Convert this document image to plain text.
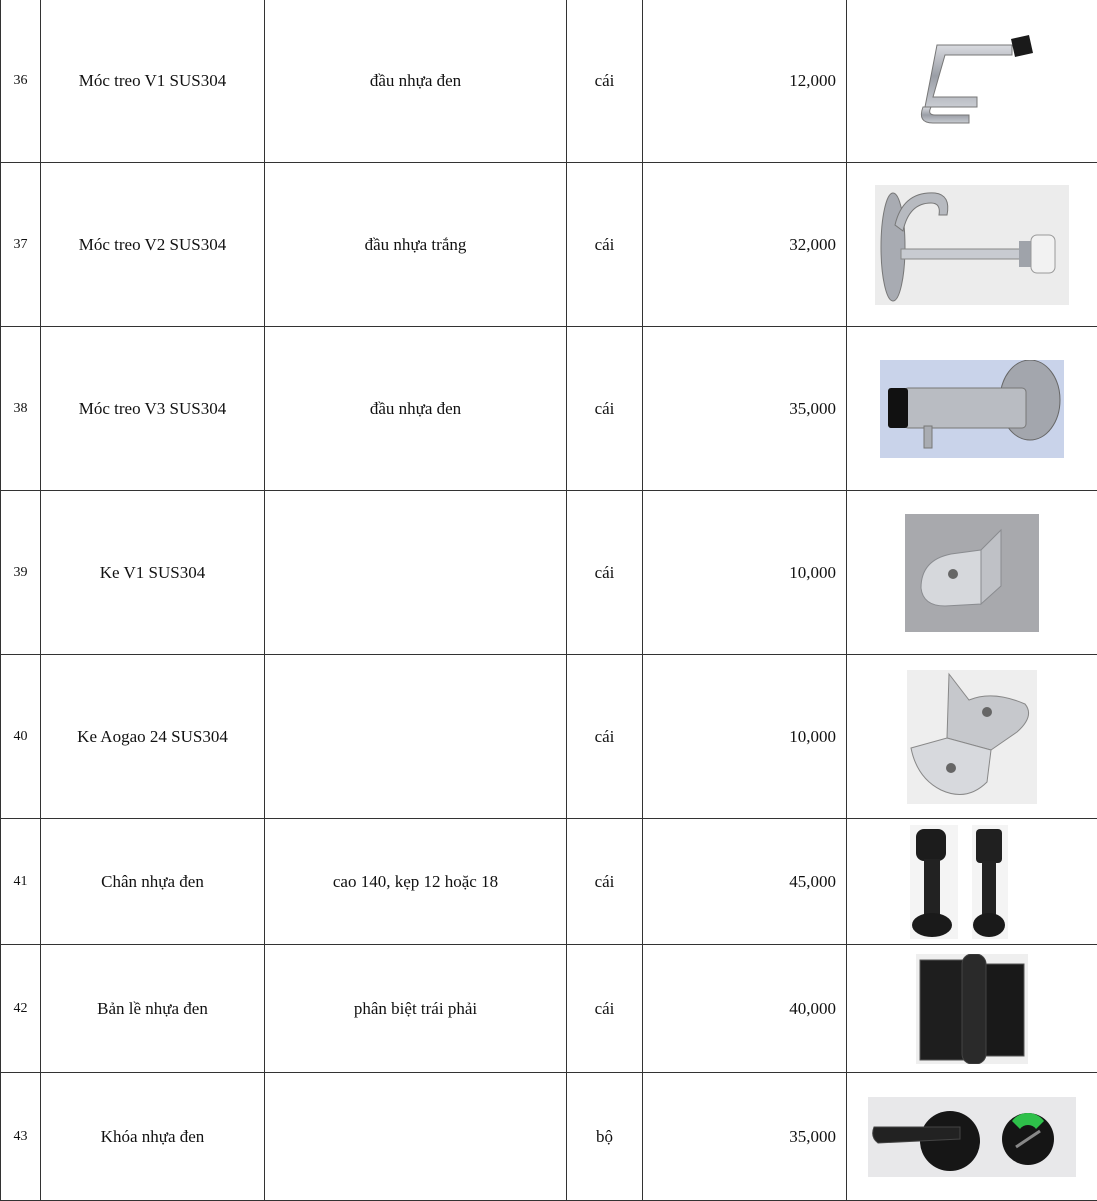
36	Móc treo V1 SUS304	đầu nhựa đen	cái	12,000	
37	Móc treo V2 SUS304	đầu nhựa trắng	cái	32,000	
38	Móc treo V3 SUS304	đầu nhựa đen	cái	35,000	
39	Ke V1 SUS304		cái	10,000	
40	Ke Aogao 24 SUS304		cái	10,000	
41	Chân nhựa đen	cao 140, kẹp 12 hoặc 18	cái	45,000	
42	Bản lề nhựa đen	phân biệt trái phải	cái	40,000	
43	Khóa nhựa đen		bộ	35,000	
